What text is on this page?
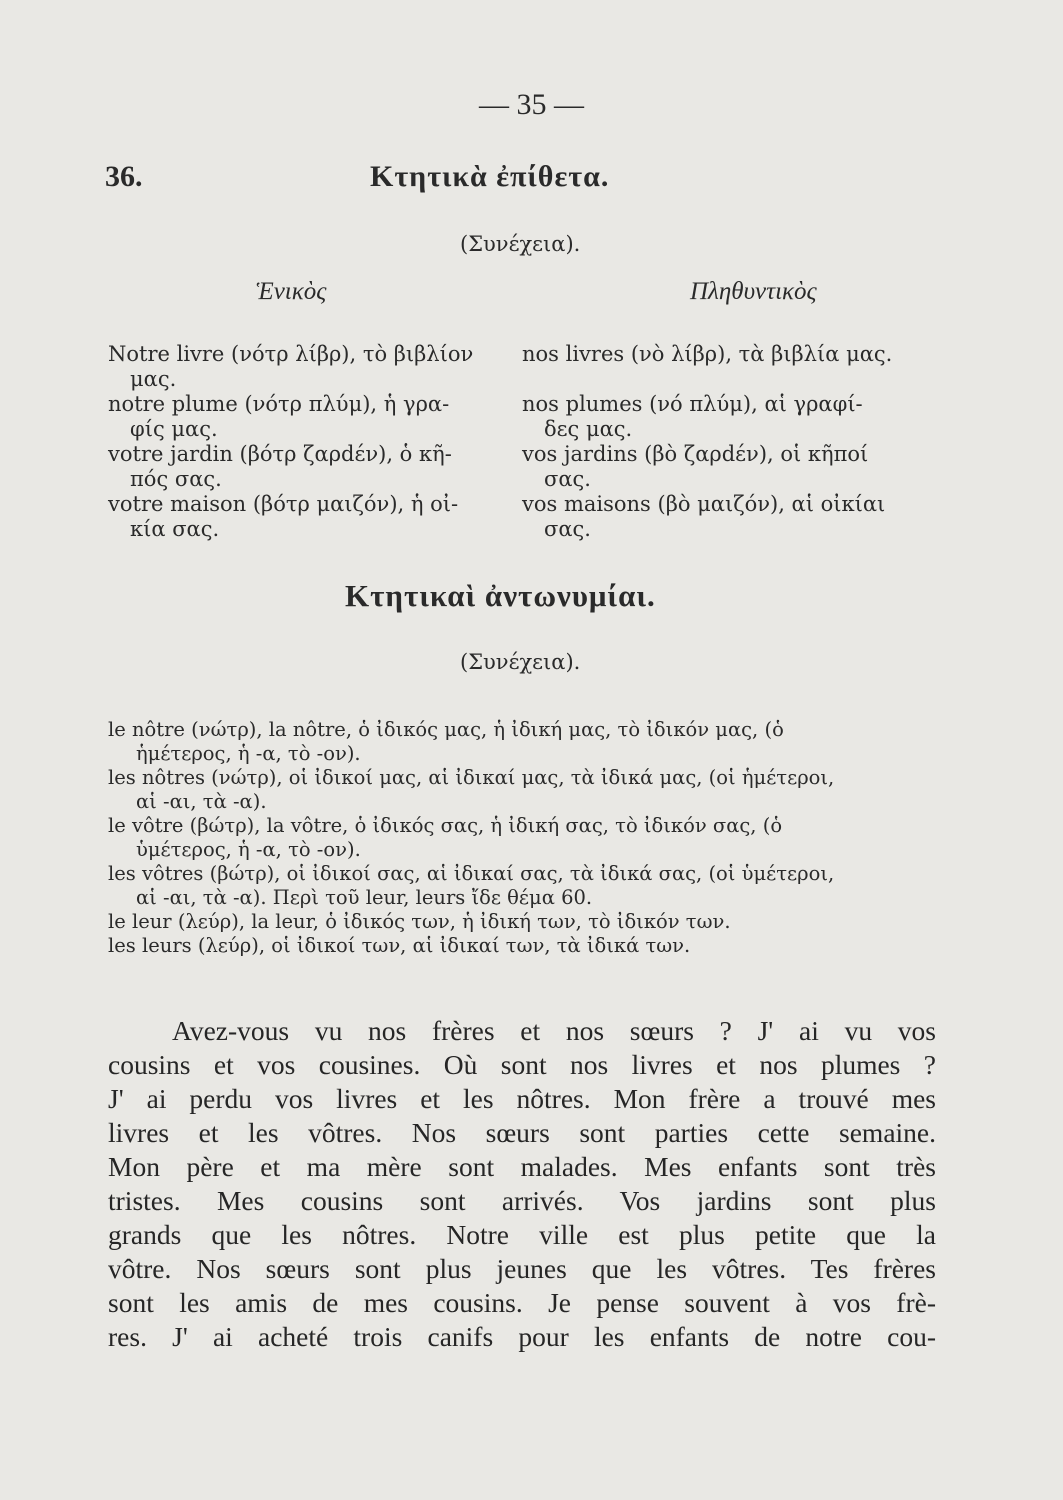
— 35 —
36.	Κτητικὰ ἐπίθετα.
(Συνέχεια).
Ἑνικὸς	Πληθυντικὸς
Notre livre (νότρ λίβρ), τὸ βιβλίον
μας.
notre plume (νότρ πλύμ), ἡ γρα-
φίς μας.
votre jardin (βότρ ζαρdέν), ὁ κῆ-
πός σας.
votre maison (βότρ μαιζόν), ἡ οἰ-
κία σας.
nos livres (νὸ λίβρ), τὰ βιβλία μας.

nos plumes (νό πλύμ), αἱ γραφί-
δες μας.
vos jardins (βὸ ζαρdέν), οἱ κῆποί
σας.
vos maisons (βὸ μαιζόν), αἱ οἰκίαι
σας.
Κτητικαὶ ἀντωνυμίαι.
(Συνέχεια).
le nôtre (νώτρ), la nôtre, ὁ ἰδικός μας, ἡ ἰδική μας, τὸ ἰδικόν μας, (ὁ
ἡμέτερος, ἡ -α, τὸ -ον).
les nôtres (νώτρ), οἱ ἰδικοί μας, αἱ ἰδικαί μας, τὰ ἰδικά μας, (οἱ ἡμέτεροι,
αἱ -αι, τὰ -α).
le vôtre (βώτρ), la vôtre, ὁ ἰδικός σας, ἡ ἰδική σας, τὸ ἰδικόν σας, (ὁ
ὑμέτερος, ἡ -α, τὸ -ον).
les vôtres (βώτρ), οἱ ἰδικοί σας, αἱ ἰδικαί σας, τὰ ἰδικά σας, (οἱ ὑμέτεροι,
αἱ -αι, τὰ -α). Περὶ τοῦ leur, leurs ἴδε θέμα 60.
le leur (λεύρ), la leur, ὁ ἰδικός των, ἡ ἰδική των, τὸ ἰδικόν των.
les leurs (λεύρ), οἱ ἰδικοί των, αἱ ἰδικαί των, τὰ ἰδικά των.
Avez-vous vu nos frères et nos sœurs ? J' ai vu vos
cousins et vos cousines. Où sont nos livres et nos plumes ?
J' ai perdu vos livres et les nôtres. Mon frère a trouvé mes
livres et les vôtres. Nos sœurs sont parties cette semaine.
Mon père et ma mère sont malades. Mes enfants sont très
tristes. Mes cousins sont arrivés. Vos jardins sont plus
grands que les nôtres. Notre ville est plus petite que la
vôtre. Nos sœurs sont plus jeunes que les vôtres. Tes frères
sont les amis de mes cousins. Je pense souvent à vos frè-
res. J' ai acheté trois canifs pour les enfants de notre cou-
